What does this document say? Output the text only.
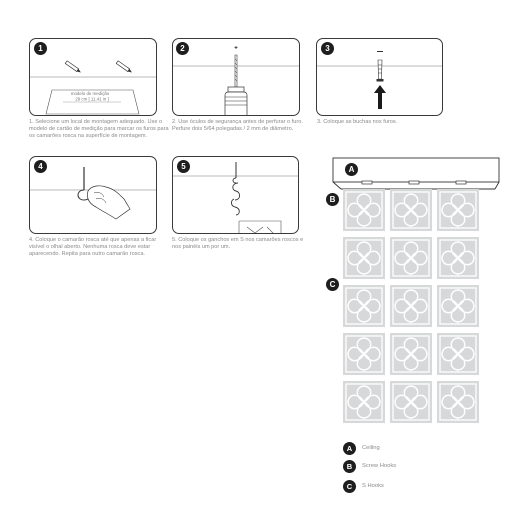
modelo de medição
29 cm [ 11.41 in ]
1
1. Selecione um local de montagem adequado. Use o modelo de cartão de medição para marcar os furos para os camarões rosca na superfície de montagem.
2
2. Use óculos de segurança antes de perfurar o furo. Perfure dois 5/64 polegadas / 2 mm de diâmetro.
3
3. Coloque as buchas nos furos.
4
4. Coloque o camarão rosca até que apenas a ficar visível o olhal aberto. Nenhuma rosca deve estar aparecendo. Repita para outro camarão rosca.
5
5. Coloque os ganchos em S nos camarões roscos e nos painéis um por um.
A
B
C
A	Ceiling
B	Screw Hooks
C	S Hooks
